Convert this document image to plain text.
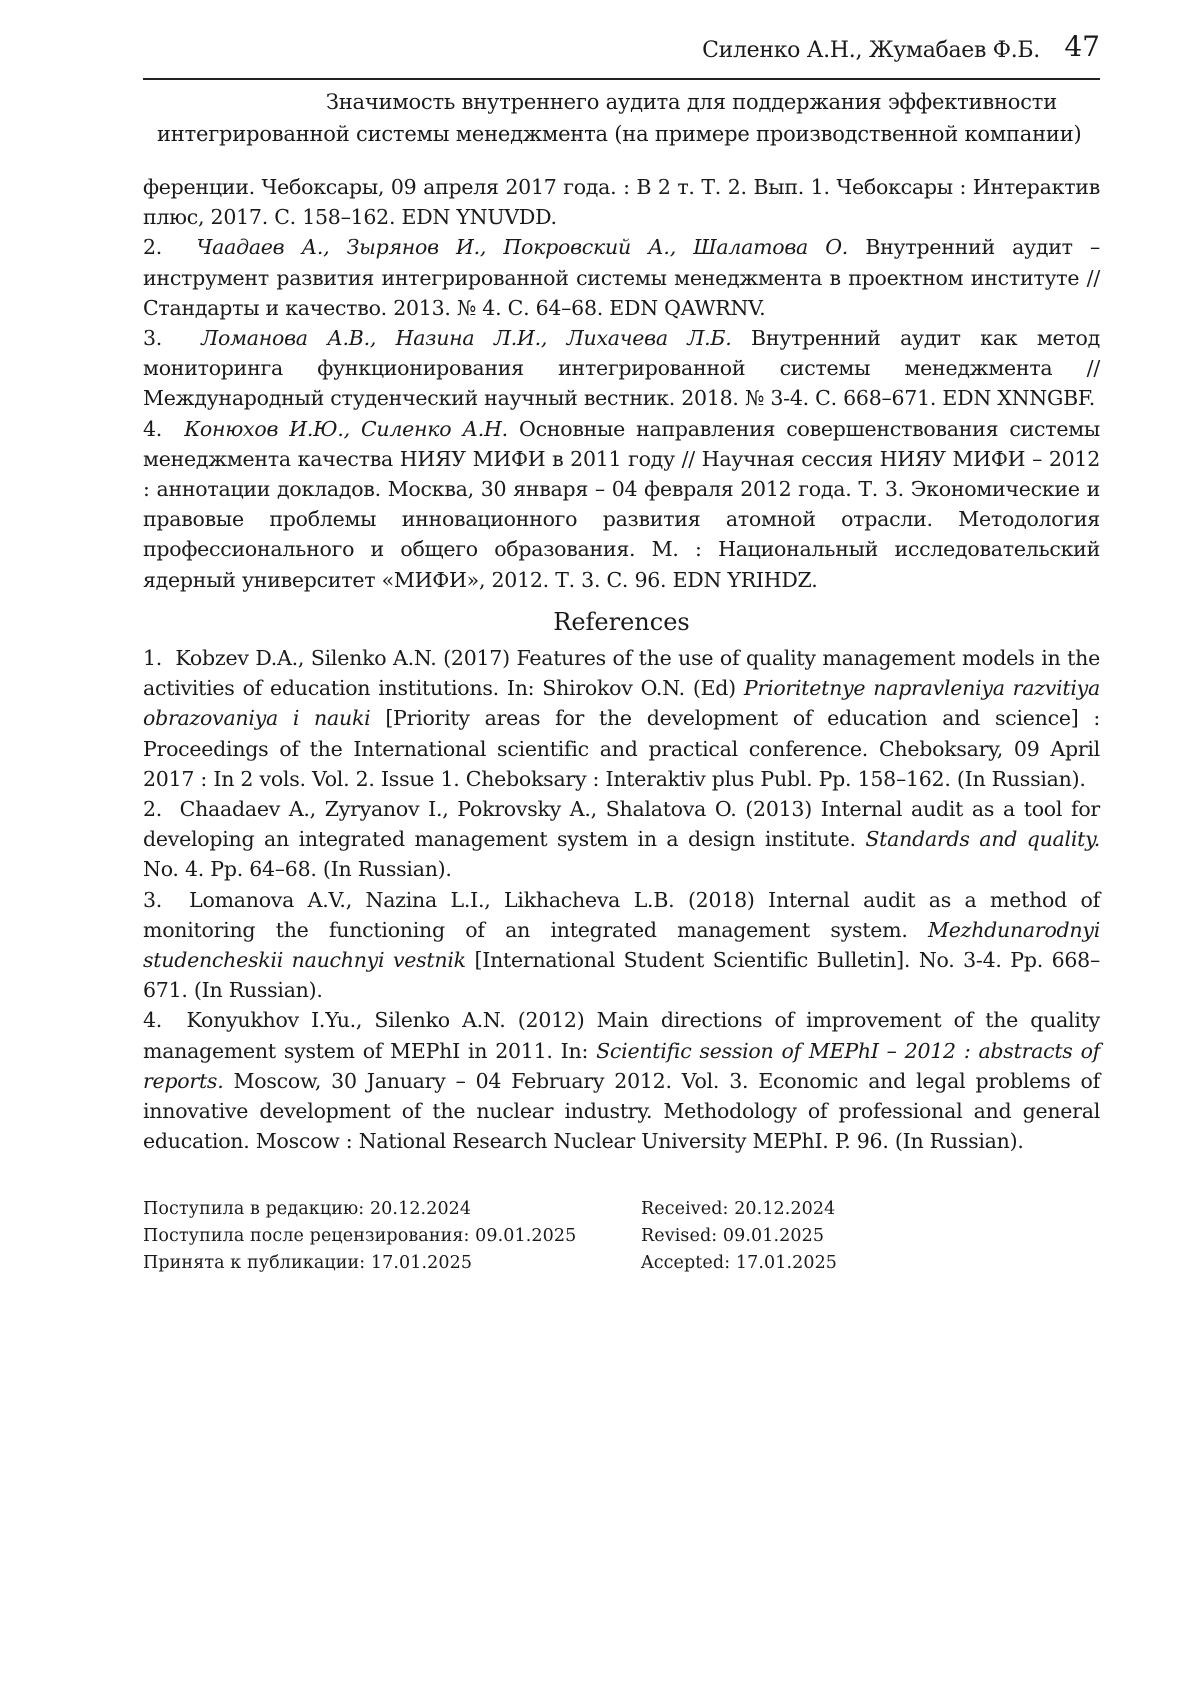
Силенко А.Н., Жумабаев Ф.Б. 47
Значимость внутреннего аудита для поддержания эффективности
интегрированной системы менеджмента (на примере производственной компании)

ференции. Чебоксары, 09 апреля 2017 года. : В 2 т. Т. 2. Вып. 1. Чебоксары : Интерактив плюс, 2017. С. 158–162. EDN YNUVDD.

2. Чаадаев А., Зырянов И., Покровский А., Шалатова О. Внутренний аудит – инструмент развития интегрированной системы менеджмента в проектном институте // Стандарты и качество. 2013. № 4. С. 64–68. EDN QAWRNV.

3. Ломанова А.В., Назина Л.И., Лихачева Л.Б. Внутренний аудит как метод мониторинга функционирования интегрированной системы менеджмента // Международный студенческий научный вестник. 2018. № 3-4. С. 668–671. EDN XNNGBF.

4. Конюхов И.Ю., Силенко А.Н. Основные направления совершенствования системы менеджмента качества НИЯУ МИФИ в 2011 году // Научная сессия НИЯУ МИФИ – 2012 : аннотации докладов. Москва, 30 января – 04 февраля 2012 года. Т. 3. Экономические и правовые проблемы инновационного развития атомной отрасли. Методология профессионального и общего образования. М. : Национальный исследовательский ядерный университет «МИФИ», 2012. Т. 3. С. 96. EDN YRIHDZ.

References

1. Kobzev D.A., Silenko A.N. (2017) Features of the use of quality management models in the activities of education institutions. In: Shirokov O.N. (Ed) Prioritetnye napravleniya razvitiya obrazovaniya i nauki [Priority areas for the development of education and science] : Proceedings of the International scientific and practical conference. Cheboksary, 09 April 2017 : In 2 vols. Vol. 2. Issue 1. Cheboksary : Interaktiv plus Publ. Pp. 158–162. (In Russian).

2. Chaadaev A., Zyryanov I., Pokrovsky A., Shalatova O. (2013) Internal audit as a tool for developing an integrated management system in a design institute. Standards and quality. No. 4. Pp. 64–68. (In Russian).

3. Lomanova A.V., Nazina L.I., Likhacheva L.B. (2018) Internal audit as a method of monitoring the functioning of an integrated management system. Mezhdunarodnyi studencheskii nauchnyi vestnik [International Student Scientific Bulletin]. No. 3-4. Pp. 668–671. (In Russian).

4. Konyukhov I.Yu., Silenko A.N. (2012) Main directions of improvement of the quality management system of MEPhI in 2011. In: Scientific session of MEPhI – 2012 : abstracts of reports. Moscow, 30 January – 04 February 2012. Vol. 3. Economic and legal problems of innovative development of the nuclear industry. Methodology of professional and general education. Moscow : National Research Nuclear University MEPhI. P. 96. (In Russian).

Поступила в редакцию: 20.12.2024
Поступила после рецензирования: 09.01.2025
Принята к публикации: 17.01.2025
Received: 20.12.2024
Revised: 09.01.2025
Accepted: 17.01.2025
